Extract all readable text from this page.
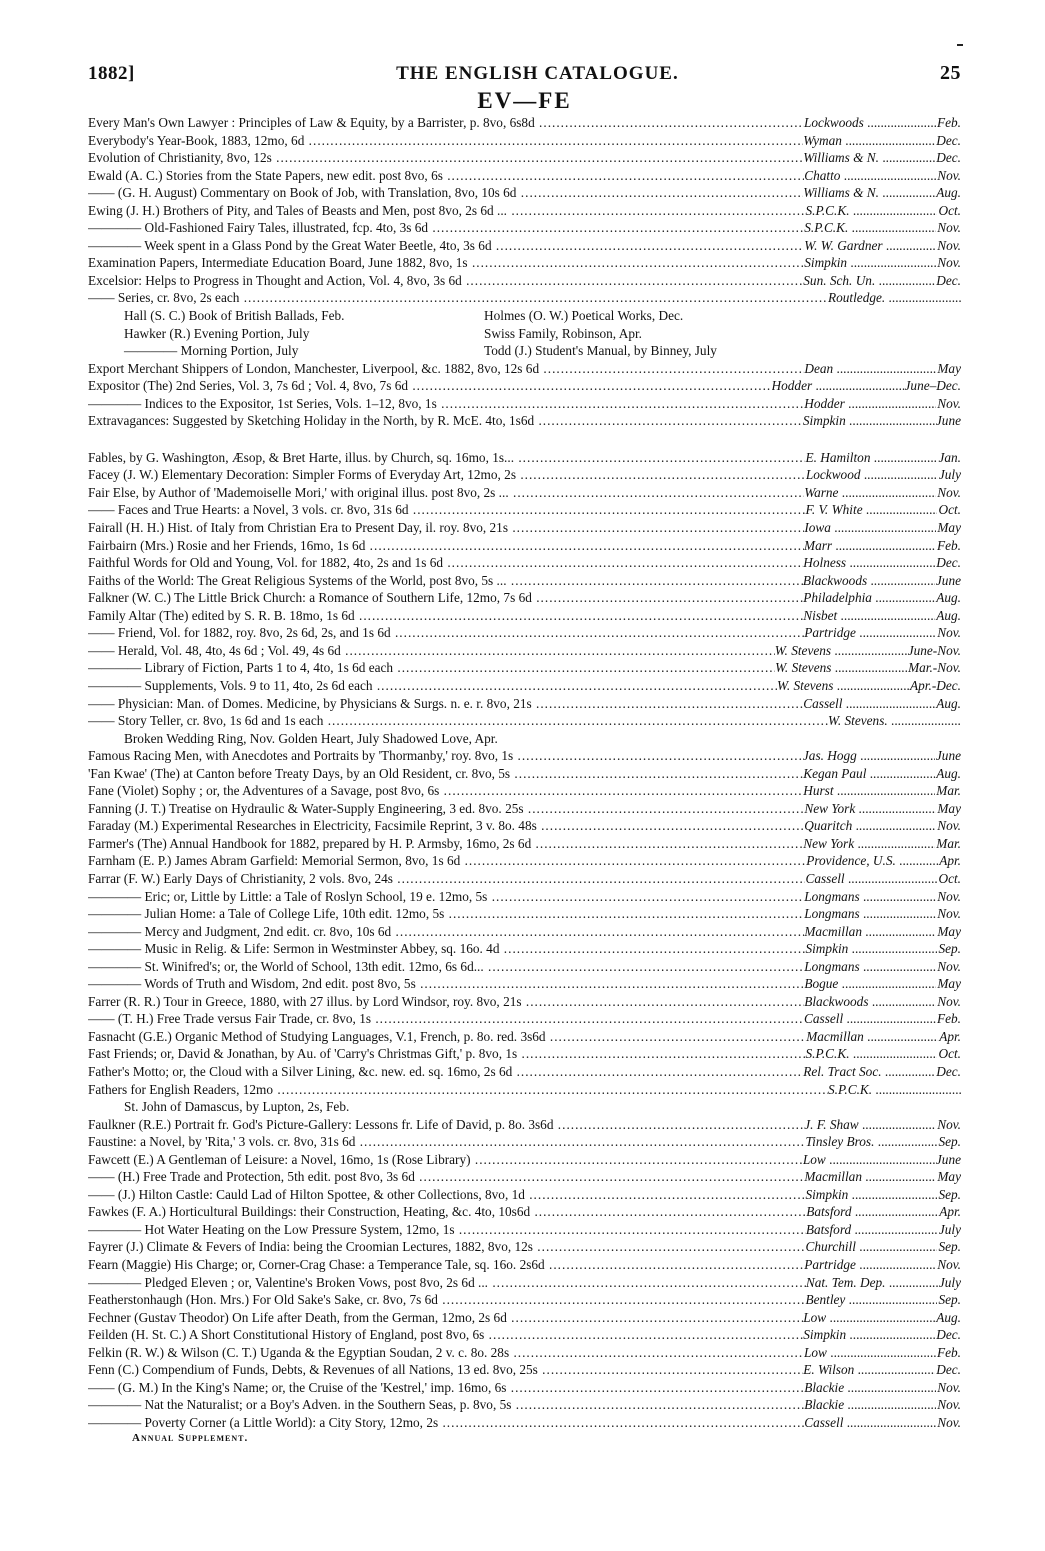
1882]	THE ENGLISH CATALOGUE.	25
EV—FE
Every Man's Own Lawyer : Principles of Law & Equity, by a Barrister, p. 8vo, 6s8d .....	Lockwoods .....	Feb.
Everybody's Year-Book, 1883, 12mo, 6d .....	Wyman .....	Dec.
Evolution of Christianity, 8vo, 12s .....	Williams & N. .....	Dec.
Ewald (A. C.) Stories from the State Papers, new edit. post 8vo, 6s .....	Chatto .....	Nov.
—— (G. H. August) Commentary on Book of Job, with Translation, 8vo, 10s 6d .....	Williams & N. .....	Aug.
Ewing (J. H.) Brothers of Pity, and Tales of Beasts and Men, post 8vo, 2s 6d ... .....	S.P.C.K. .....	Oct.
———— Old-Fashioned Fairy Tales, illustrated, fcp. 4to, 3s 6d .....	S.P.C.K. .....	Nov.
———— Week spent in a Glass Pond by the Great Water Beetle, 4to, 3s 6d .....	W. W. Gardner .....	Nov.
Examination Papers, Intermediate Education Board, June 1882, 8vo, 1s .....	Simpkin .....	Nov.
Excelsior: Helps to Progress in Thought and Action, Vol. 4, 8vo, 3s 6d .....	Sun. Sch. Un. .....	Dec.
—— Series, cr. 8vo, 2s each .....	Routledge. .....
Hall (S. C.) Book of British Ballads, Feb.	Holmes (O. W.) Poetical Works, Dec.
Hawker (R.) Evening Portion, July	Swiss Family, Robinson, Apr.
———— Morning Portion, July	Todd (J.) Student's Manual, by Binney, July
Export Merchant Shippers of London, Manchester, Liverpool, &c. 1882, 8vo, 12s 6d .....	Dean .....	May
Expositor (The) 2nd Series, Vol. 3, 7s 6d ; Vol. 4, 8vo, 7s 6d .....	Hodder .....	June–Dec.
———— Indices to the Expositor, 1st Series, Vols. 1–12, 8vo, 1s .....	Hodder .....	Nov.
Extravagances: Suggested by Sketching Holiday in the North, by R. McE. 4to, 1s6d .....	Simpkin .....	June
Fables, by G. Washington, Æsop, & Bret Harte, illus. by Church, sq. 16mo, 1s... .....	E. Hamilton .....	Jan.
Facey (J. W.) Elementary Decoration: Simpler Forms of Everyday Art, 12mo, 2s .....	Lockwood .....	July
Fair Else, by Author of 'Mademoiselle Mori,' with original illus. post 8vo, 2s ... .....	Warne .....	Nov.
—— Faces and True Hearts: a Novel, 3 vols. cr. 8vo, 31s 6d .....	F. V. White .....	Oct.
Fairall (H. H.) Hist. of Italy from Christian Era to Present Day, il. roy. 8vo, 21s .....	Iowa .....	May
Fairbairn (Mrs.) Rosie and her Friends, 16mo, 1s 6d .....	Marr .....	Feb.
Faithful Words for Old and Young, Vol. for 1882, 4to, 2s and 1s 6d .....	Holness .....	Dec.
Faiths of the World: The Great Religious Systems of the World, post 8vo, 5s ... .....	Blackwoods .....	June
Falkner (W. C.) The Little Brick Church: a Romance of Southern Life, 12mo, 7s 6d .....	Philadelphia .....	Aug.
Family Altar (The) edited by S. R. B. 18mo, 1s 6d .....	Nisbet .....	Aug.
—— Friend, Vol. for 1882, roy. 8vo, 2s 6d, 2s, and 1s 6d .....	Partridge .....	Nov.
—— Herald, Vol. 48, 4to, 4s 6d ; Vol. 49, 4s 6d .....	W. Stevens .....	June-Nov.
———— Library of Fiction, Parts 1 to 4, 4to, 1s 6d each .....	W. Stevens .....	Mar.-Nov.
———— Supplements, Vols. 9 to 11, 4to, 2s 6d each .....	W. Stevens .....	Apr.-Dec.
—— Physician: Man. of Domes. Medicine, by Physicians & Surgs. n. e. r. 8vo, 21s .....	Cassell .....	Aug.
—— Story Teller, cr. 8vo, 1s 6d and 1s each .....	W. Stevens. .....
Broken Wedding Ring, Nov. Golden Heart, July Shadowed Love, Apr.
Famous Racing Men, with Anecdotes and Portraits by 'Thormanby,' roy. 8vo, 1s .....	Jas. Hogg .....	June
'Fan Kwae' (The) at Canton before Treaty Days, by an Old Resident, cr. 8vo, 5s .....	Kegan Paul .....	Aug.
Fane (Violet) Sophy ; or, the Adventures of a Savage, post 8vo, 6s .....	Hurst .....	Mar.
Fanning (J. T.) Treatise on Hydraulic & Water-Supply Engineering, 3 ed. 8vo. 25s .....	New York .....	May
Faraday (M.) Experimental Researches in Electricity, Facsimile Reprint, 3 v. 8o. 48s .....	Quaritch .....	Nov.
Farmer's (The) Annual Handbook for 1882, prepared by H. P. Armsby, 16mo, 2s 6d .....	New York .....	Mar.
Farnham (E. P.) James Abram Garfield: Memorial Sermon, 8vo, 1s 6d .....	Providence, U.S. .....	Apr.
Farrar (F. W.) Early Days of Christianity, 2 vols. 8vo, 24s .....	Cassell .....	Oct.
———— Eric; or, Little by Little: a Tale of Roslyn School, 19 e. 12mo, 5s .....	Longmans .....	Nov.
———— Julian Home: a Tale of College Life, 10th edit. 12mo, 5s .....	Longmans .....	Nov.
———— Mercy and Judgment, 2nd edit. cr. 8vo, 10s 6d .....	Macmillan .....	May
———— Music in Relig. & Life: Sermon in Westminster Abbey, sq. 16o. 4d .....	Simpkin .....	Sep.
———— St. Winifred's; or, the World of School, 13th edit. 12mo, 6s 6d... .....	Longmans .....	Nov.
———— Words of Truth and Wisdom, 2nd edit. post 8vo, 5s .....	Bogue .....	May
Farrer (R. R.) Tour in Greece, 1880, with 27 illus. by Lord Windsor, roy. 8vo, 21s .....	Blackwoods .....	Nov.
—— (T. H.) Free Trade versus Fair Trade, cr. 8vo, 1s .....	Cassell .....	Feb.
Fasnacht (G.E.) Organic Method of Studying Languages, V.1, French, p. 8o. red. 3s6d .....	Macmillan .....	Apr.
Fast Friends; or, David & Jonathan, by Au. of 'Carry's Christmas Gift,' p. 8vo, 1s .....	S.P.C.K. .....	Oct.
Father's Motto; or, the Cloud with a Silver Lining, &c. new. ed. sq. 16mo, 2s 6d .....	Rel. Tract Soc. .....	Dec.
Fathers for English Readers, 12mo .....	S.P.C.K. .....
St. John of Damascus, by Lupton, 2s, Feb.
Faulkner (R.E.) Portrait fr. God's Picture-Gallery: Lessons fr. Life of David, p. 8o. 3s6d .....	J. F. Shaw .....	Nov.
Faustine: a Novel, by 'Rita,' 3 vols. cr. 8vo, 31s 6d .....	Tinsley Bros. .....	Sep.
Fawcett (E.) A Gentleman of Leisure: a Novel, 16mo, 1s (Rose Library) .....	Low .....	June
—— (H.) Free Trade and Protection, 5th edit. post 8vo, 3s 6d .....	Macmillan .....	May
—— (J.) Hilton Castle: Cauld Lad of Hilton Spottee, & other Collections, 8vo, 1d .....	Simpkin .....	Sep.
Fawkes (F. A.) Horticultural Buildings: their Construction, Heating, &c. 4to, 10s6d .....	Batsford .....	Apr.
———— Hot Water Heating on the Low Pressure System, 12mo, 1s .....	Batsford .....	July
Fayrer (J.) Climate & Fevers of India: being the Croomian Lectures, 1882, 8vo, 12s .....	Churchill .....	Sep.
Fearn (Maggie) His Charge; or, Corner-Crag Chase: a Temperance Tale, sq. 16o. 2s6d .....	Partridge .....	Nov.
———— Pledged Eleven ; or, Valentine's Broken Vows, post 8vo, 2s 6d ... .....	Nat. Tem. Dep. .....	July
Featherstonhaugh (Hon. Mrs.) For Old Sake's Sake, cr. 8vo, 7s 6d .....	Bentley .....	Sep.
Fechner (Gustav Theodor) On Life after Death, from the German, 12mo, 2s 6d .....	Low .....	Aug.
Feilden (H. St. C.) A Short Constitutional History of England, post 8vo, 6s .....	Simpkin .....	Dec.
Felkin (R. W.) & Wilson (C. T.) Uganda & the Egyptian Soudan, 2 v. c. 8o. 28s .....	Low .....	Feb.
Fenn (C.) Compendium of Funds, Debts, & Revenues of all Nations, 13 ed. 8vo, 25s .....	E. Wilson .....	Dec.
—— (G. M.) In the King's Name; or, the Cruise of the 'Kestrel,' imp. 16mo, 6s .....	Blackie .....	Nov.
———— Nat the Naturalist; or a Boy's Adven. in the Southern Seas, p. 8vo, 5s .....	Blackie .....	Nov.
———— Poverty Corner (a Little World): a City Story, 12mo, 2s .....	Cassell .....	Nov.
Annual Supplement.
